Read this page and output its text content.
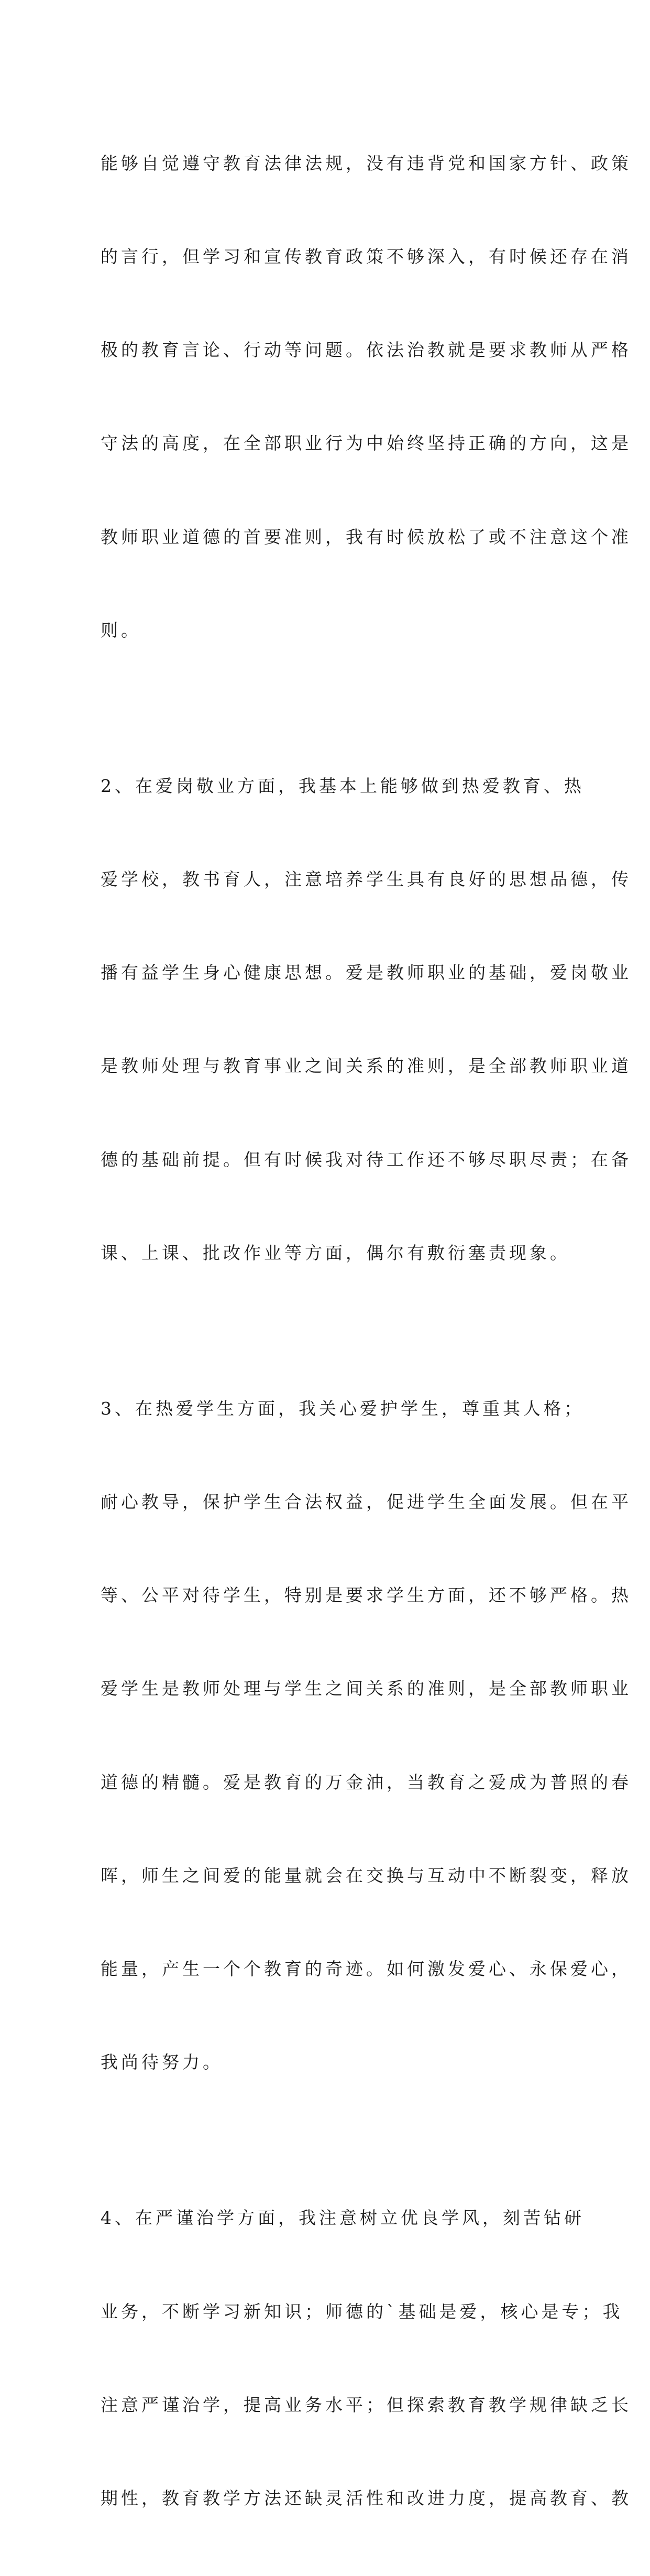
能够自觉遵守教育法律法规，没有违背党和国家方针、政策

的言行，但学习和宣传教育政策不够深入，有时候还存在消

极的教育言论、行动等问题。依法治教就是要求教师从严格

守法的高度，在全部职业行为中始终坚持正确的方向，这是

教师职业道德的首要准则，我有时候放松了或不注意这个准

则。

2、在爱岗敬业方面，我基本上能够做到热爱教育、热

爱学校，教书育人，注意培养学生具有良好的思想品德，传

播有益学生身心健康思想。爱是教师职业的基础，爱岗敬业

是教师处理与教育事业之间关系的准则，是全部教师职业道

德的基础前提。但有时候我对待工作还不够尽职尽责；在备

课、上课、批改作业等方面，偶尔有敷衍塞责现象。

3、在热爱学生方面，我关心爱护学生，尊重其人格；

耐心教导，保护学生合法权益，促进学生全面发展。但在平

等、公平对待学生，特别是要求学生方面，还不够严格。热

爱学生是教师处理与学生之间关系的准则，是全部教师职业

道德的精髓。爱是教育的万金油，当教育之爱成为普照的春

晖，师生之间爱的能量就会在交换与互动中不断裂变，释放

能量，产生一个个教育的奇迹。如何激发爱心、永保爱心，

我尚待努力。

4、在严谨治学方面，我注意树立优良学风，刻苦钻研

业务，不断学习新知识；师德的`基础是爱，核心是专；我

注意严谨治学，提高业务水平；但探索教育教学规律缺乏长

期性，教育教学方法还缺灵活性和改进力度，提高教育、教
